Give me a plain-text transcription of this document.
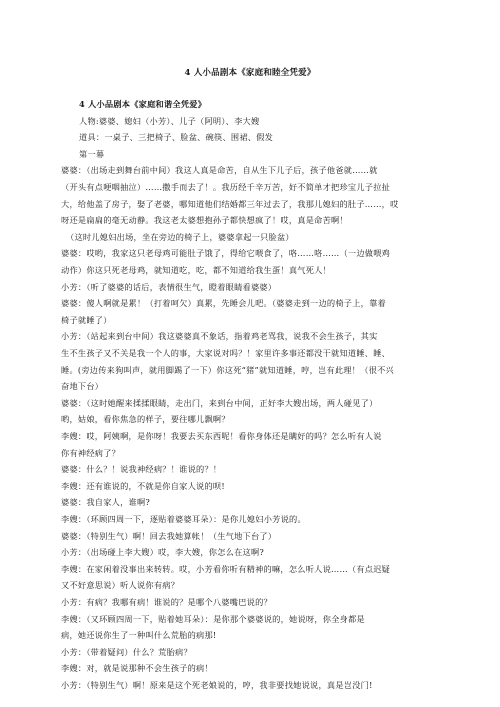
4 人小品剧本《家庭和睦全凭爱》
4 人小品剧本《家庭和谐全凭爱》
人物:婆婆、媳妇（小芳）、儿子（阿明）、李大嫂
道具：一桌子、三把椅子、脸盆、碗筷、围裙、假发
第一幕
婆婆：（出场走到舞台前中间）我这人真是命苦，自从生下儿子后，孩子他爸就……就
（开头有点哽咽抽泣）……撒手而去了！。我历经千辛万苦，好不简单才把珍宝儿子拉扯
大，给他盖了房子，娶了老婆，哪知道他们结婚都三年过去了，我那儿媳妇的肚子……，哎
呀还是扁扁的毫无动静。我这老太婆想抱孙子都快想疯了！哎，真是命苦啊！
（这时儿媳妇出场，坐在旁边的椅子上，婆婆拿起一只脸盆）
婆婆：哎哟，我家这只老母鸡可能肚子饿了，得给它喂食了，咯……咯……（一边做喂鸡
动作）你这只死老母鸡，就知道吃，吃，都不知道给我生蛋！真气死人！
小芳：（听了婆婆的话后，表情很生气，瞪着眼睛看婆婆）
婆婆：傻人啊就是累！（打着呵欠）真累，先睡会儿吧。（婆婆走到一边的椅子上，靠着
椅子就睡了）
小芳：（站起来到台中间）我这婆婆真不象话，指着鸡老骂我，说我不会生孩子，其实
生不生孩子又不关是我一个人的事，大家说对吗？！家里许多事还都没干就知道睡、睡、
睡。(旁边传来狗叫声，就用脚踢了一下）你这死“猪”就知道睡，哼，岂有此理！（很不兴
奋地下台）
婆婆：（这时她醒来揉揉眼睛，走出门，来到台中间，正好李大嫂出场，两人碰见了）
哟，姑娘，看你焦急的样子，要往哪儿飘啊？
李嫂：哎，阿姨啊，是你呀！我要去买东西呢！看你身体还是瞒好的吗？怎么听有人说
你有神经病了？
婆婆：什么？！说我神经病？！谁说的？！
李嫂：还有谁说的，不就是你自家人说的呗!
婆婆：我自家人，谁啊?
李嫂：（环顾四周一下，逐贴着婆婆耳朵）：是你儿媳妇小芳说的。
婆婆：（特别生气）啊！回去我她算帐！（生气地下台了）
小芳：（出场碰上李大嫂）哎，李大嫂，你怎么在这啊?
李嫂：在家闲着没事出来转转。哎，小芳看你听有精神的嘛，怎么听人说……（有点迟疑
又不好意思说）听人说你有病？
小芳：有病？我哪有病！谁说的？是哪个八婆嘴巴说的？
李嫂：（又环顾四周一下，贴着她耳朵）：是你那个婆婆说的，她说呀，你全身都是
病，她还说你生了一种叫什么荒胎的病那!
小芳：（带着疑问）什么？荒胎病？
李嫂：对，就是说那种不会生孩子的病！
小芳：（特别生气）啊！原来是这个死老娘说的，哼，我非要找她说说，真是岂没门!
